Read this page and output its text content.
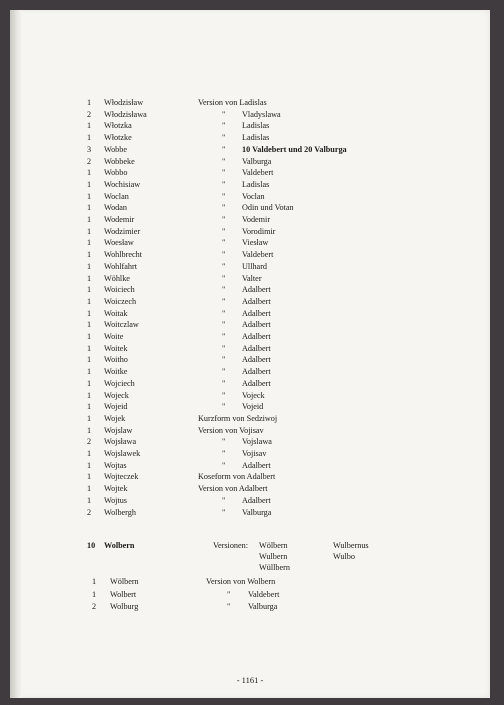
1 Włodzisław	Version von Ladislas
2 Włodzisława	" Vladyslawa
1 Włotzka	" Ladislas
1 Włotzke	" Ladislas
3 Wobbe	" 10 Valdebert und 20 Valburga
2 Wobbeke	" Valburga
1 Wobbo	" Valdebert
1 Wochisiaw	" Ladislas
1 Woclan	" Voclan
1 Wodan	" Odin und Votan
1 Wodemir	" Vodemir
1 Wodzimier	" Vorodimir
1 Woesław	" Viesław
1 Wohlbrecht	" Valdebert
1 Wohlfahrt	" Ullhard
1 Wöhlke	" Valter
1 Woiciech	" Adalbert
1 Woiczech	" Adalbert
1 Woitak	" Adalbert
1 Woitczlaw	" Adalbert
1 Woite	" Adalbert
1 Woitek	" Adalbert
1 Woitho	" Adalbert
1 Woitke	" Adalbert
1 Wojciech	" Adalbert
1 Wojeck	" Vojeck
1 Wojeid	" Vojeid
1 Wojek	Kurzform von Sedziwoj
1 Wojslaw	Version von Vojisav
2 Wojsława	" Vojslawa
1 Wojslawek	" Vojisav
1 Wojtas	" Adalbert
1 Wojteczek	Koseform von Adalbert
1 Wojtek	Version von Adalbert
1 Wojtus	" Adalbert
2 Wolbergh	" Valburga
10 Wolbern	Versionen: Wölbern	Wulbernus
Wulbern	Wulbo
Wüllbern
1 Wölbern	Version von Wolbern
1 Wolbert	" Valdebert
2 Wolburg	" Valburga
- 1161 -
